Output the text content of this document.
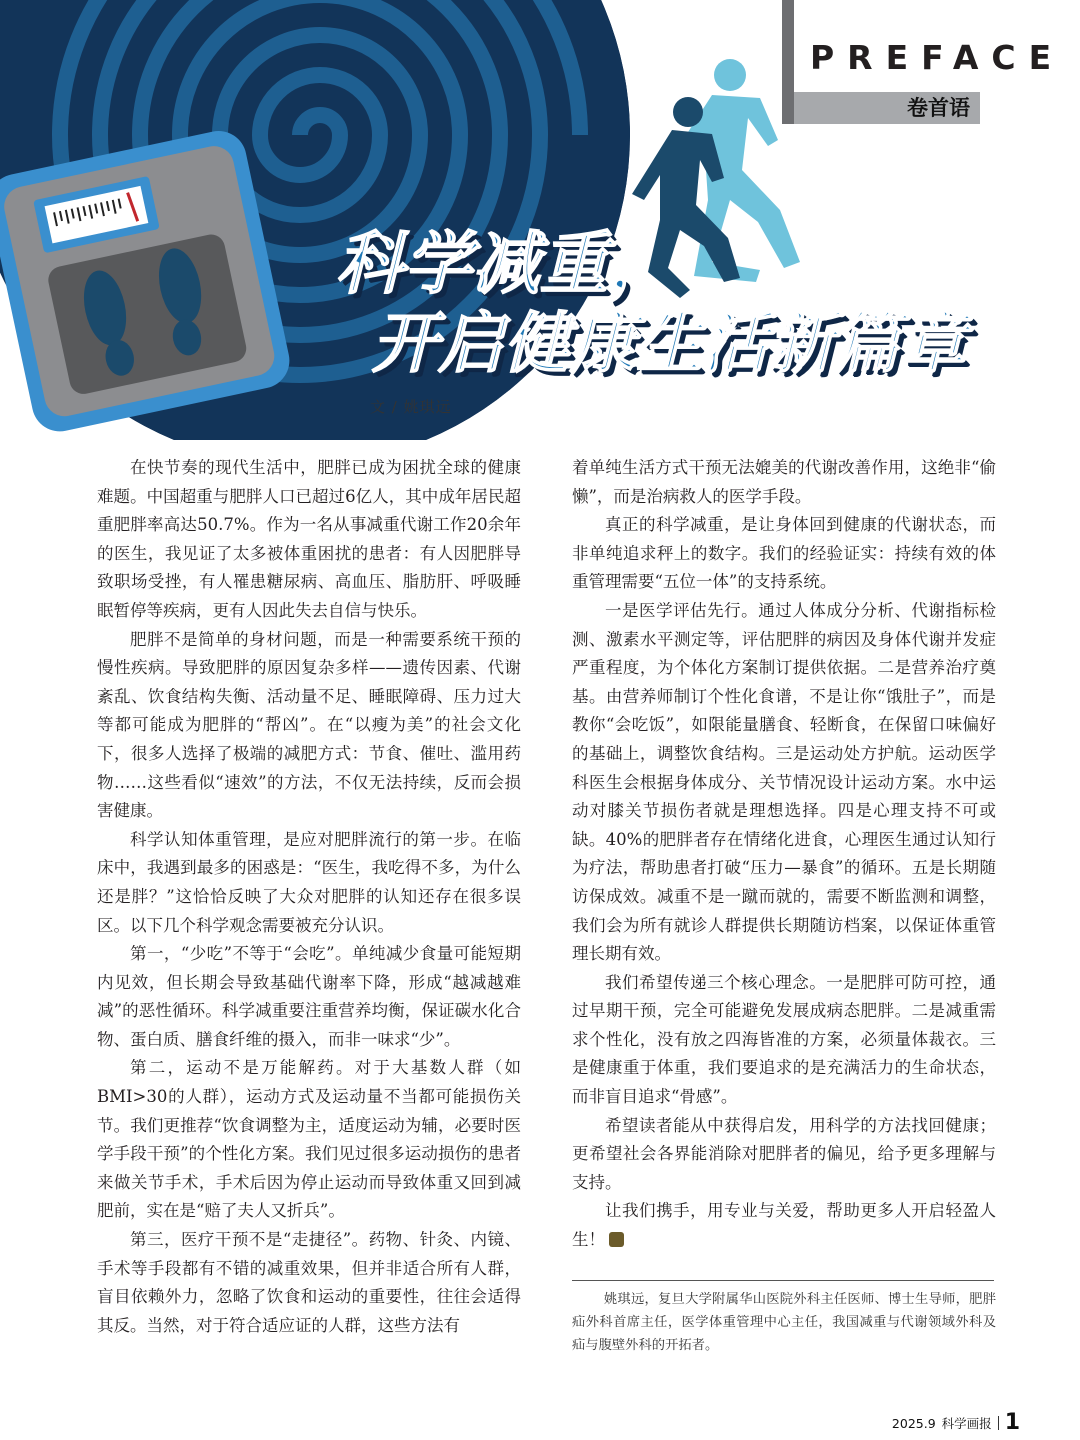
PREFACE
卷首语
科学减重，
开启健康生活新篇章
文 / 姚琪远

在快节奏的现代生活中，肥胖已成为困扰全球的健康难题。中国超重与肥胖人口已超过6亿人，其中成年居民超重肥胖率高达50.7%。作为一名从事减重代谢工作20余年的医生，我见证了太多被体重困扰的患者：有人因肥胖导致职场受挫，有人罹患糖尿病、高血压、脂肪肝、呼吸睡眠暂停等疾病，更有人因此失去自信与快乐。

肥胖不是简单的身材问题，而是一种需要系统干预的慢性疾病。导致肥胖的原因复杂多样——遗传因素、代谢紊乱、饮食结构失衡、活动量不足、睡眠障碍、压力过大等都可能成为肥胖的“帮凶”。在“以瘦为美”的社会文化下，很多人选择了极端的减肥方式：节食、催吐、滥用药物……这些看似“速效”的方法，不仅无法持续，反而会损害健康。

科学认知体重管理，是应对肥胖流行的第一步。在临床中，我遇到最多的困惑是：“医生，我吃得不多，为什么还是胖？”这恰恰反映了大众对肥胖的认知还存在很多误区。以下几个科学观念需要被充分认识。

第一，“少吃”不等于“会吃”。单纯减少食量可能短期内见效，但长期会导致基础代谢率下降，形成“越减越难减”的恶性循环。科学减重要注重营养均衡，保证碳水化合物、蛋白质、膳食纤维的摄入，而非一味求“少”。

第二，运动不是万能解药。对于大基数人群（如BMI>30的人群），运动方式及运动量不当都可能损伤关节。我们更推荐“饮食调整为主，适度运动为辅，必要时医学手段干预”的个性化方案。我们见过很多运动损伤的患者来做关节手术，手术后因为停止运动而导致体重又回到减肥前，实在是“赔了夫人又折兵”。

第三，医疗干预不是“走捷径”。药物、针灸、内镜、手术等手段都有不错的减重效果，但并非适合所有人群，盲目依赖外力，忽略了饮食和运动的重要性，往往会适得其反。当然，对于符合适应证的人群，这些方法有

着单纯生活方式干预无法媲美的代谢改善作用，这绝非“偷懒”，而是治病救人的医学手段。

真正的科学减重，是让身体回到健康的代谢状态，而非单纯追求秤上的数字。我们的经验证实：持续有效的体重管理需要“五位一体”的支持系统。

一是医学评估先行。通过人体成分分析、代谢指标检测、激素水平测定等，评估肥胖的病因及身体代谢并发症严重程度，为个体化方案制订提供依据。二是营养治疗奠基。由营养师制订个性化食谱，不是让你“饿肚子”，而是教你“会吃饭”，如限能量膳食、轻断食，在保留口味偏好的基础上，调整饮食结构。三是运动处方护航。运动医学科医生会根据身体成分、关节情况设计运动方案。水中运动对膝关节损伤者就是理想选择。四是心理支持不可或缺。40%的肥胖者存在情绪化进食，心理医生通过认知行为疗法，帮助患者打破“压力—暴食”的循环。五是长期随访保成效。减重不是一蹴而就的，需要不断监测和调整，我们会为所有就诊人群提供长期随访档案，以保证体重管理长期有效。

我们希望传递三个核心理念。一是肥胖可防可控，通过早期干预，完全可能避免发展成病态肥胖。二是减重需求个性化，没有放之四海皆准的方案，必须量体裁衣。三是健康重于体重，我们要追求的是充满活力的生命状态，而非盲目追求“骨感”。

希望读者能从中获得启发，用科学的方法找回健康；更希望社会各界能消除对肥胖者的偏见，给予更多理解与支持。

让我们携手，用专业与关爱，帮助更多人开启轻盈人生！

姚琪远，复旦大学附属华山医院外科主任医师、博士生导师，肥胖疝外科首席主任，医学体重管理中心主任，我国减重与代谢领域外科及疝与腹壁外科的开拓者。
2025.9 科学画报 1
